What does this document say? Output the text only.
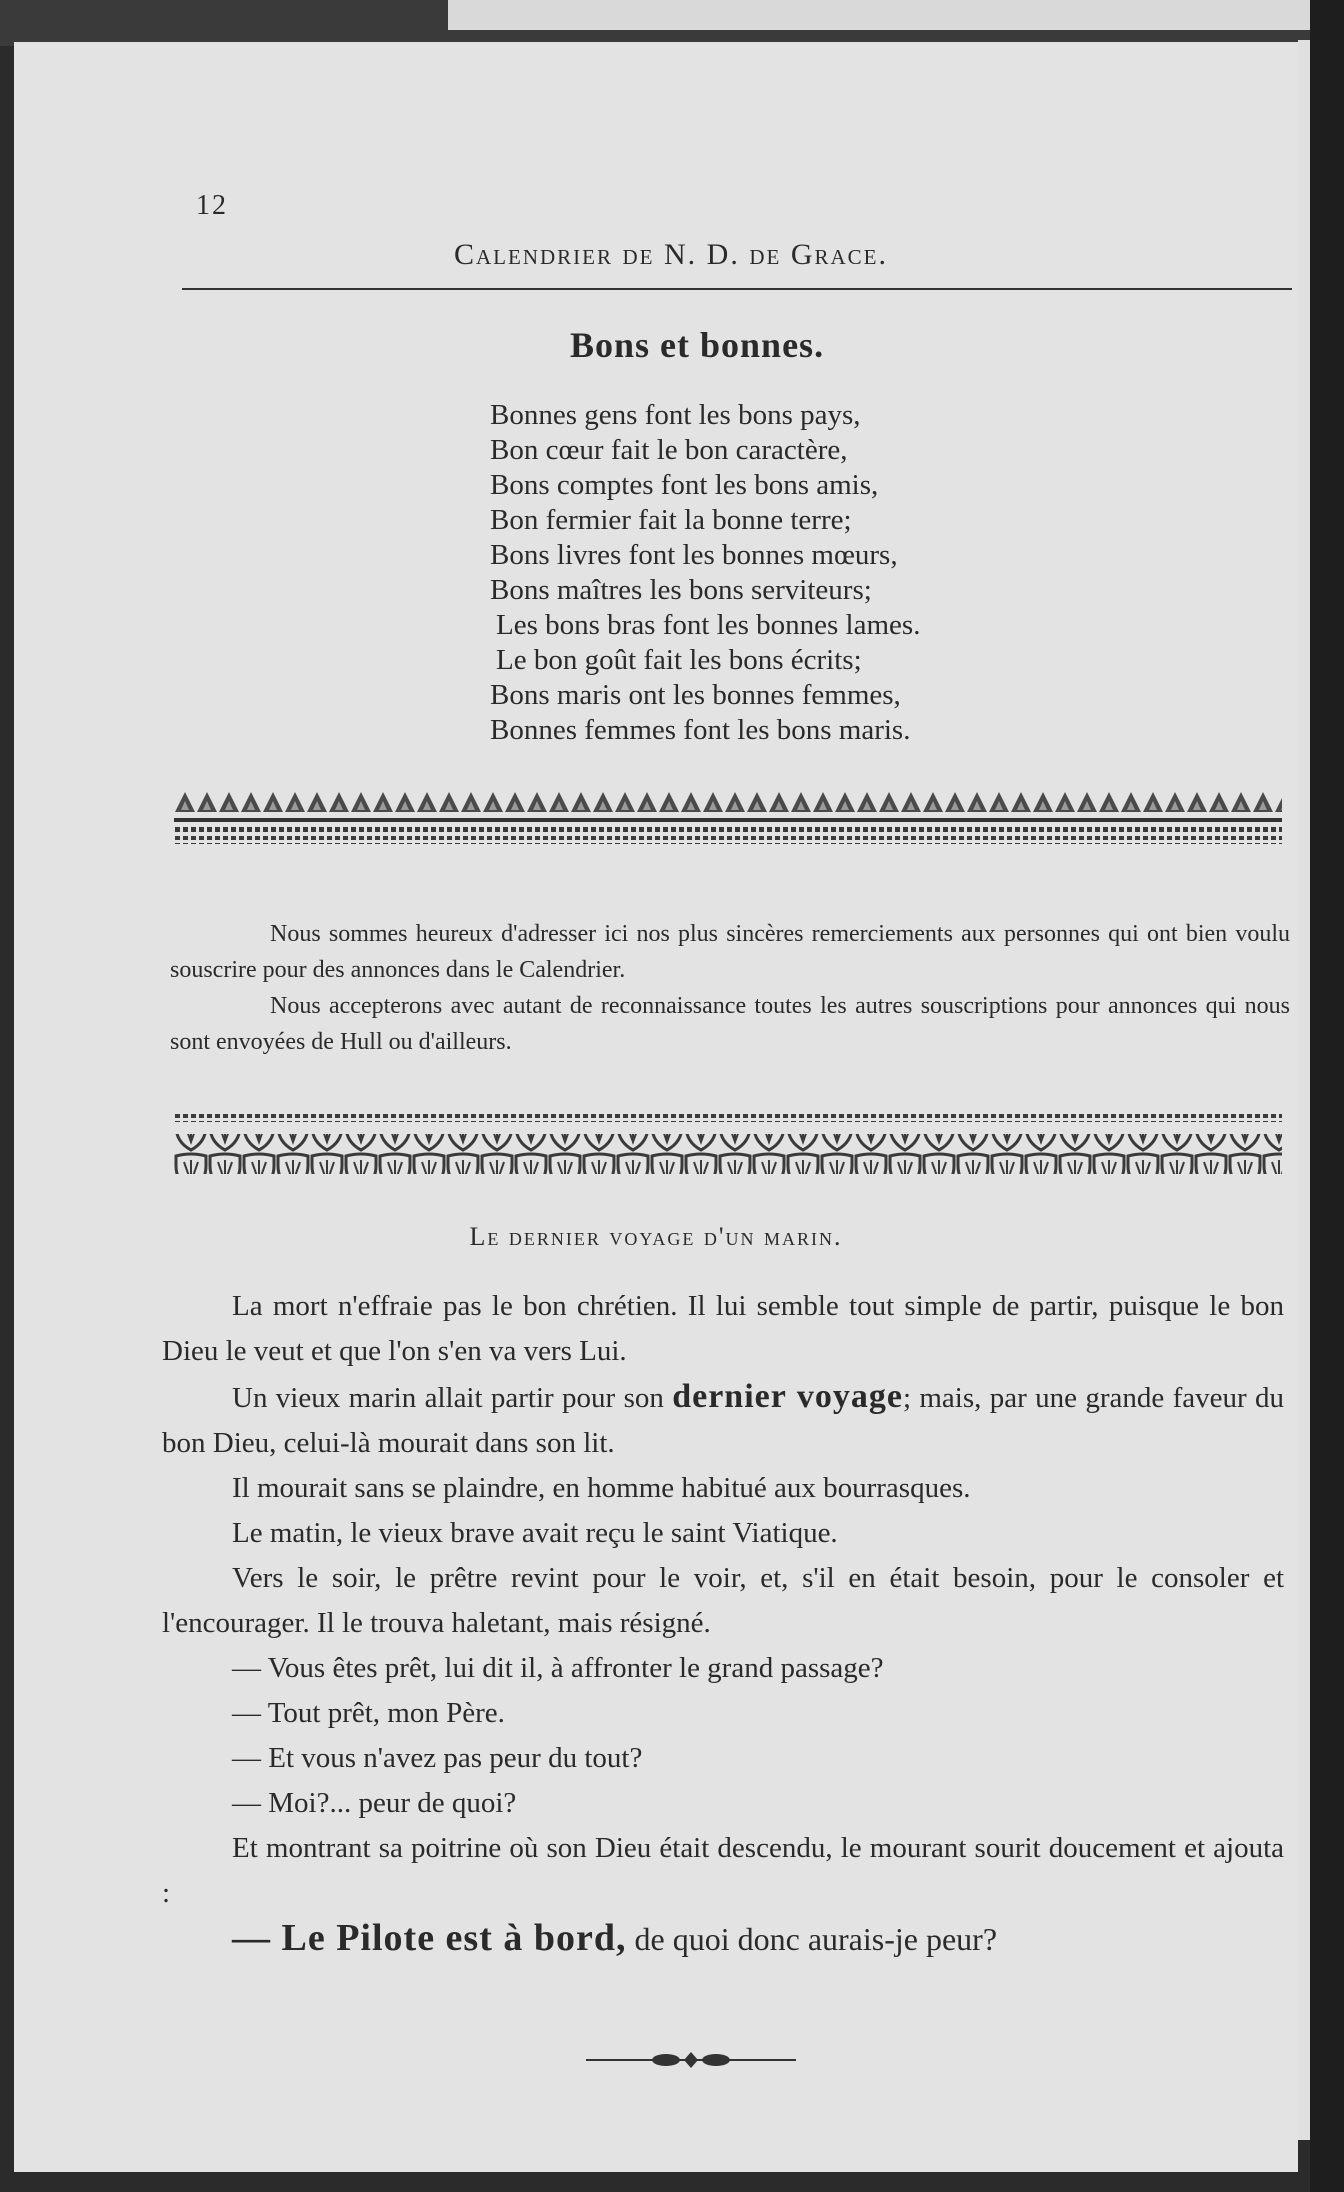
12
Calendrier de N. D. de Grace.
Bons et bonnes.
Bonnes gens font les bons pays,
Bon cœur fait le bon caractère,
Bons comptes font les bons amis,
Bon fermier fait la bonne terre;
Bons livres font les bonnes mœurs,
Bons maîtres les bons serviteurs;
Les bons bras font les bonnes lames.
Le bon goût fait les bons écrits;
Bons maris ont les bonnes femmes,
Bonnes femmes font les bons maris.

Nous sommes heureux d'adresser ici nos plus sincères remerciements aux personnes qui ont bien voulu souscrire pour des annonces dans le Calendrier.

Nous accepterons avec autant de reconnaissance toutes les autres souscriptions pour annonces qui nous sont envoyées de Hull ou d'ailleurs.

Le dernier voyage d'un marin.

La mort n'effraie pas le bon chrétien. Il lui semble tout simple de partir, puisque le bon Dieu le veut et que l'on s'en va vers Lui.

Un vieux marin allait partir pour son dernier voyage; mais, par une grande faveur du bon Dieu, celui-là mourait dans son lit.

Il mourait sans se plaindre, en homme habitué aux bourrasques.

Le matin, le vieux brave avait reçu le saint Viatique.

Vers le soir, le prêtre revint pour le voir, et, s'il en était besoin, pour le consoler et l'encourager. Il le trouva haletant, mais résigné.

— Vous êtes prêt, lui dit il, à affronter le grand passage?

— Tout prêt, mon Père.

— Et vous n'avez pas peur du tout?

— Moi?... peur de quoi?

Et montrant sa poitrine où son Dieu était descendu, le mourant sourit doucement et ajouta :

— Le Pilote est à bord, de quoi donc aurais-je peur?
